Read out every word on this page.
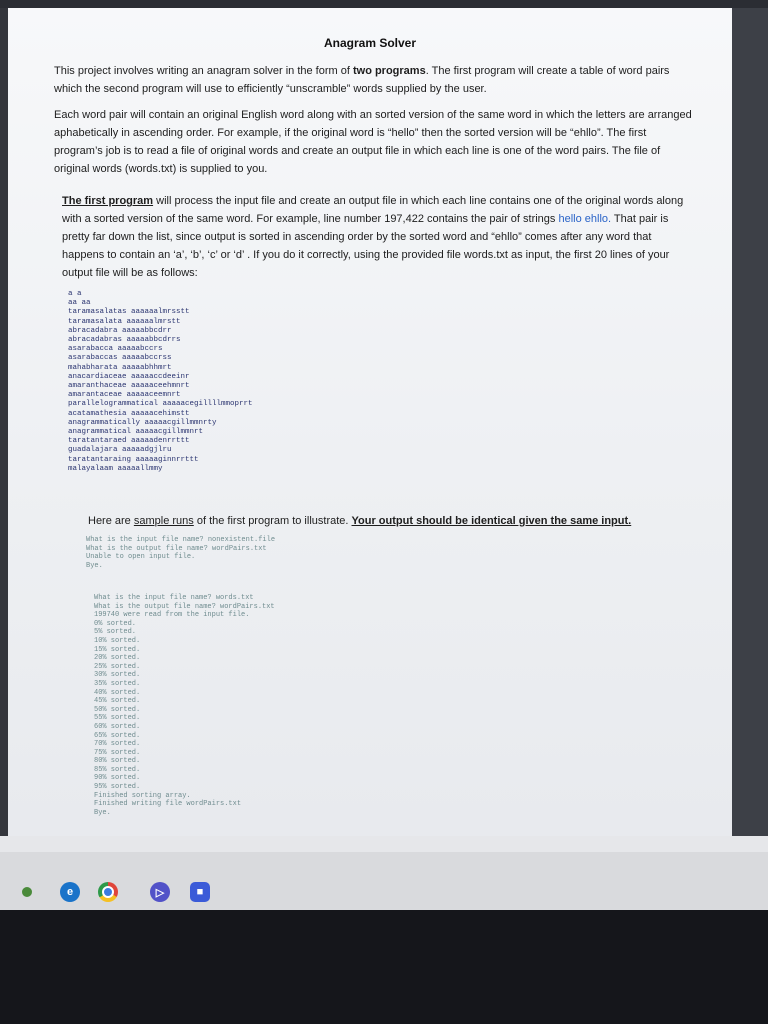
Anagram Solver
This project involves writing an anagram solver in the form of two programs. The first program will create a table of word pairs which the second program will use to efficiently “unscramble” words supplied by the user.
Each word pair will contain an original English word along with an sorted version of the same word in which the letters are arranged aphabetically in ascending order. For example, if the original word is “hello” then the sorted version will be “ehllo”. The first program’s job is to read a file of original words and create an output file in which each line is one of the word pairs. The file of original words (words.txt) is supplied to you.
The first program will process the input file and create an output file in which each line contains one of the original words along with a sorted version of the same word. For example, line number 197,422 contains the pair of strings hello ehllo. That pair is pretty far down the list, since output is sorted in ascending order by the sorted word and “ehllo” comes after any word that happens to contain an ‘a’, ‘b’, ‘c’ or ‘d’ . If you do it correctly, using the provided file words.txt as input, the first 20 lines of your output file will be as follows:
a a
aa aa
taramasalatas aaaaaalmrsstt
taramasalata aaaaaalmrstt
abracadabra aaaaabbcdrr
abracadabras aaaaabbcdrrs
asarabacca aaaaabccrs
asarabaccas aaaaabccrss
mahabharata aaaaabhhmrt
anacardiaceae aaaaaccdeeinr
amaranthaceae aaaaaceehmnrt
amarantaceae aaaaaceemnrt
parallelogrammatical aaaaacegillllmmoprrt
acatamathesia aaaaacehimstt
anagrammatically aaaaacgillmmnrty
anagrammatical aaaaacgillmmnrt
taratantaraed aaaaadenrrttt
guadalajara aaaaadgjlru
taratantaraing aaaaaginnrrttt
malayalaam aaaaallmmy
Here are sample runs of the first program to illustrate. Your output should be identical given the same input.
What is the input file name? nonexistent.file
What is the output file name? wordPairs.txt
Unable to open input file.
Bye.
What is the input file name? words.txt
What is the output file name? wordPairs.txt
199740 were read from the input file.
0% sorted.
5% sorted.
10% sorted.
15% sorted.
20% sorted.
25% sorted.
30% sorted.
35% sorted.
40% sorted.
45% sorted.
50% sorted.
55% sorted.
60% sorted.
65% sorted.
70% sorted.
75% sorted.
80% sorted.
85% sorted.
90% sorted.
95% sorted.
Finished sorting array.
Finished writing file wordPairs.txt
Bye.
e	▷	■
